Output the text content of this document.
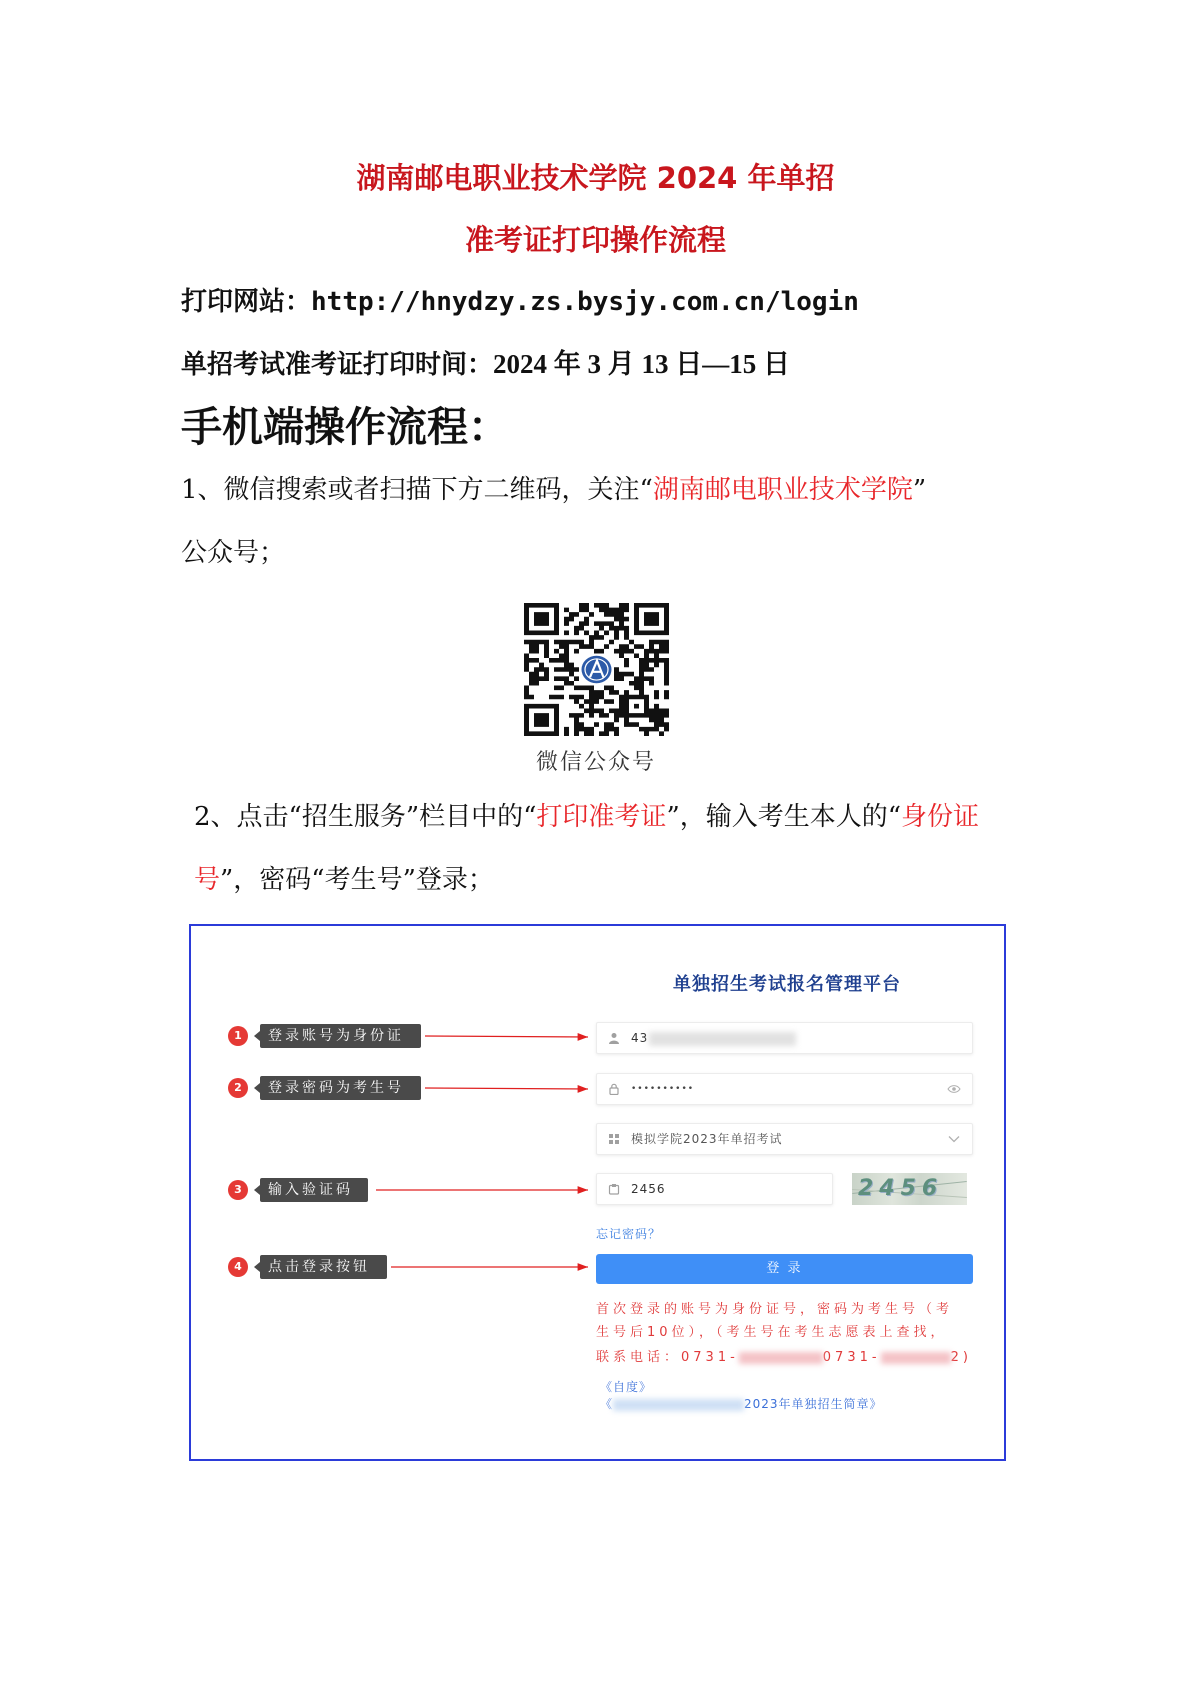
湖南邮电职业技术学院 2024 年单招
准考证打印操作流程
打印网站：http://hnydzy.zs.bysjy.com.cn/login
单招考试准考证打印时间：2024 年 3 月 13 日—15 日
手机端操作流程：
1、微信搜索或者扫描下方二维码，关注“湖南邮电职业技术学院”
公众号；
微信公众号
2、点击“招生服务”栏目中的“打印准考证”，输入考生本人的“身份证
号”，密码“考生号”登录；
单独招生考试报名管理平台
43
••••••••••
模拟学院2023年单招考试
2456	2456
忘记密码？
登 录
首次登录的账号为身份证号，密码为考生号（考
生号后10位），（考生号在考生志愿表上查找，
联系电话：0731-	0731-	2)
《自度》
《	2023年单独招生简章》
1	登录账号为身份证
2	登录密码为考生号
3	输入验证码
4	点击登录按钮
